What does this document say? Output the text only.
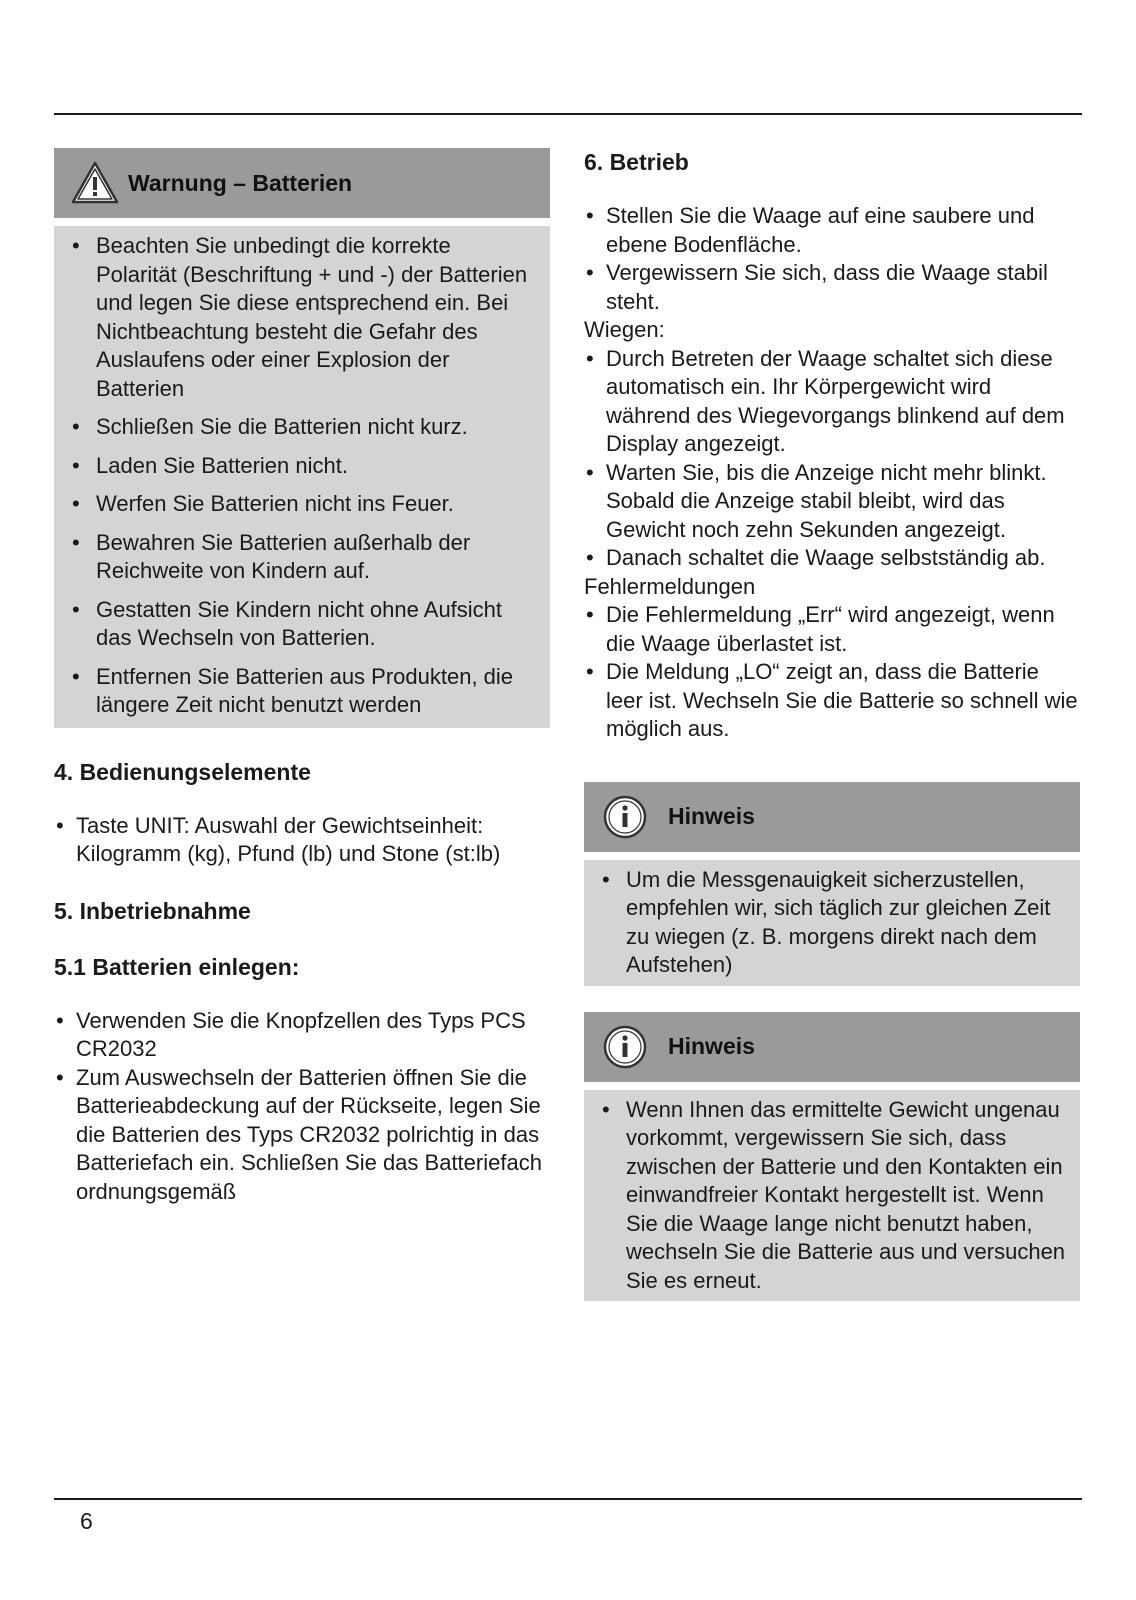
Warnung – Batterien
• Beachten Sie unbedingt die korrekte Polarität (Beschriftung + und -) der Batterien und legen Sie diese entsprechend ein. Bei Nichtbeachtung besteht die Gefahr des Auslaufens oder einer Explosion der Batterien
• Schließen Sie die Batterien nicht kurz.
• Laden Sie Batterien nicht.
• Werfen Sie Batterien nicht ins Feuer.
• Bewahren Sie Batterien außerhalb der Reichweite von Kindern auf.
• Gestatten Sie Kindern nicht ohne Aufsicht das Wechseln von Batterien.
• Entfernen Sie Batterien aus Produkten, die längere Zeit nicht benutzt werden
4. Bedienungselemente
• Taste UNIT: Auswahl der Gewichtseinheit: Kilogramm (kg), Pfund (lb) und Stone (st:lb)
5. Inbetriebnahme
5.1 Batterien einlegen:
• Verwenden Sie die Knopfzellen des Typs PCS CR2032
• Zum Auswechseln der Batterien öffnen Sie die Batterieabdeckung auf der Rückseite, legen Sie die Batterien des Typs CR2032 polrichtig in das Batteriefach ein. Schließen Sie das Batteriefach ordnungsgemäß
6. Betrieb
• Stellen Sie die Waage auf eine saubere und ebene Bodenfläche.
• Vergewissern Sie sich, dass die Waage stabil steht.
Wiegen:
• Durch Betreten der Waage schaltet sich diese automatisch ein. Ihr Körpergewicht wird während des Wiegevorgangs blinkend auf dem Display angezeigt.
• Warten Sie, bis die Anzeige nicht mehr blinkt. Sobald die Anzeige stabil bleibt, wird das Gewicht noch zehn Sekunden angezeigt.
• Danach schaltet die Waage selbstständig ab.
Fehlermeldungen
• Die Fehlermeldung „Err“ wird angezeigt, wenn die Waage überlastet ist.
• Die Meldung „LO“ zeigt an, dass die Batterie leer ist. Wechseln Sie die Batterie so schnell wie möglich aus.
Hinweis
• Um die Messgenauigkeit sicherzustellen, empfehlen wir, sich täglich zur gleichen Zeit zu wiegen (z. B. morgens direkt nach dem Aufstehen)
Hinweis
• Wenn Ihnen das ermittelte Gewicht ungenau vorkommt, vergewissern Sie sich, dass zwischen der Batterie und den Kontakten ein einwandfreier Kontakt hergestellt ist. Wenn Sie die Waage lange nicht benutzt haben, wechseln Sie die Batterie aus und versuchen Sie es erneut.
6
